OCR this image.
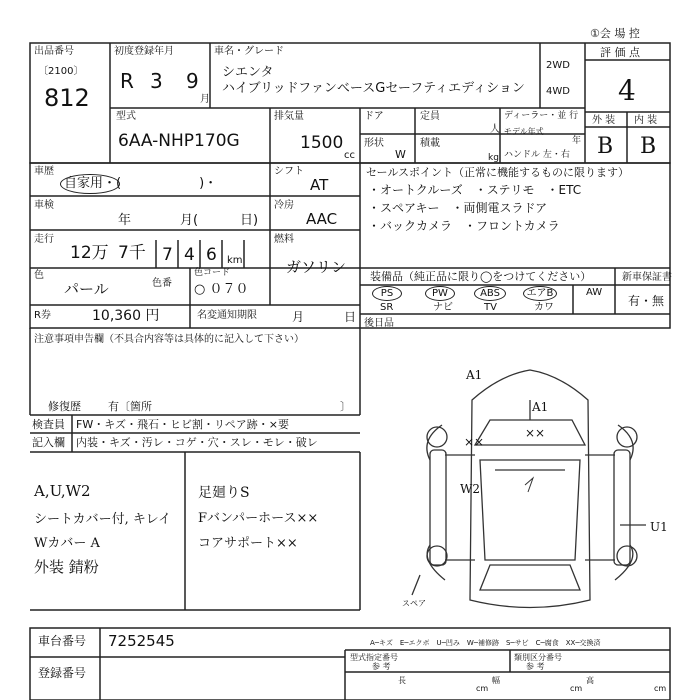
①会 場 控
出品番号
〔2100〕
812
初度登録年月
R 3 9
月
車名・グレード
シエンタ
ハイブリッドファンベースGセーフティエディション
2WD
4WD
評 価 点
4
外 装 内 装
B B
型式
6AA-NHP170G
排気量
1500
cc
ドア	定員
人
形状
W
積載
kg
ディーラー・並 行
モデル年式
年
ハンドル 左・右
車歴
自家用・(　　　　　　)・
シフト
AT
車検
年	月(	日)
冷房
AAC
走行
12万 7千 7 4 6 km
燃料
ガソリン
色
パール	色番
色コード
○ ０７０
R券	10,360 円	名変通知期限	月	日
セールスポイント（正常に機能するものに限ります）
・オートクルーズ　・ステリモ　・ETC
・スペアキー　・両側電スラドア
・バックカメラ　・フロントカメラ
装備品（純正品に限り◯をつけてください）	新車保証書
有・無
PS	PW	ABS	エアB	AW
SR	ナビ	TV	カワ
後日品
注意事項申告欄（不具合内容等は具体的に記入して下さい）
修復歴 有〔箇所	〕
検査員
記入欄
FW・キズ・飛石・ヒビ割・リペア跡・×要
内装・キズ・汚レ・コゲ・穴・スレ・モレ・破レ
A,U,W2
シートカバー付, キレイ
Wカバー A
外装 錆粉
足廻りS
Fバンパーホース××
コアサポート××
A1
A1
××
××
W2
U1
スペア
A─キズ　E─エクボ　U─凹み　W─補修跡　S─サビ　C─腐食　XX─交換済
車台番号 7252545
登録番号
型式指定番号
参 考
類別区分番号
参 考
長
cm
幅
cm
高
cm
